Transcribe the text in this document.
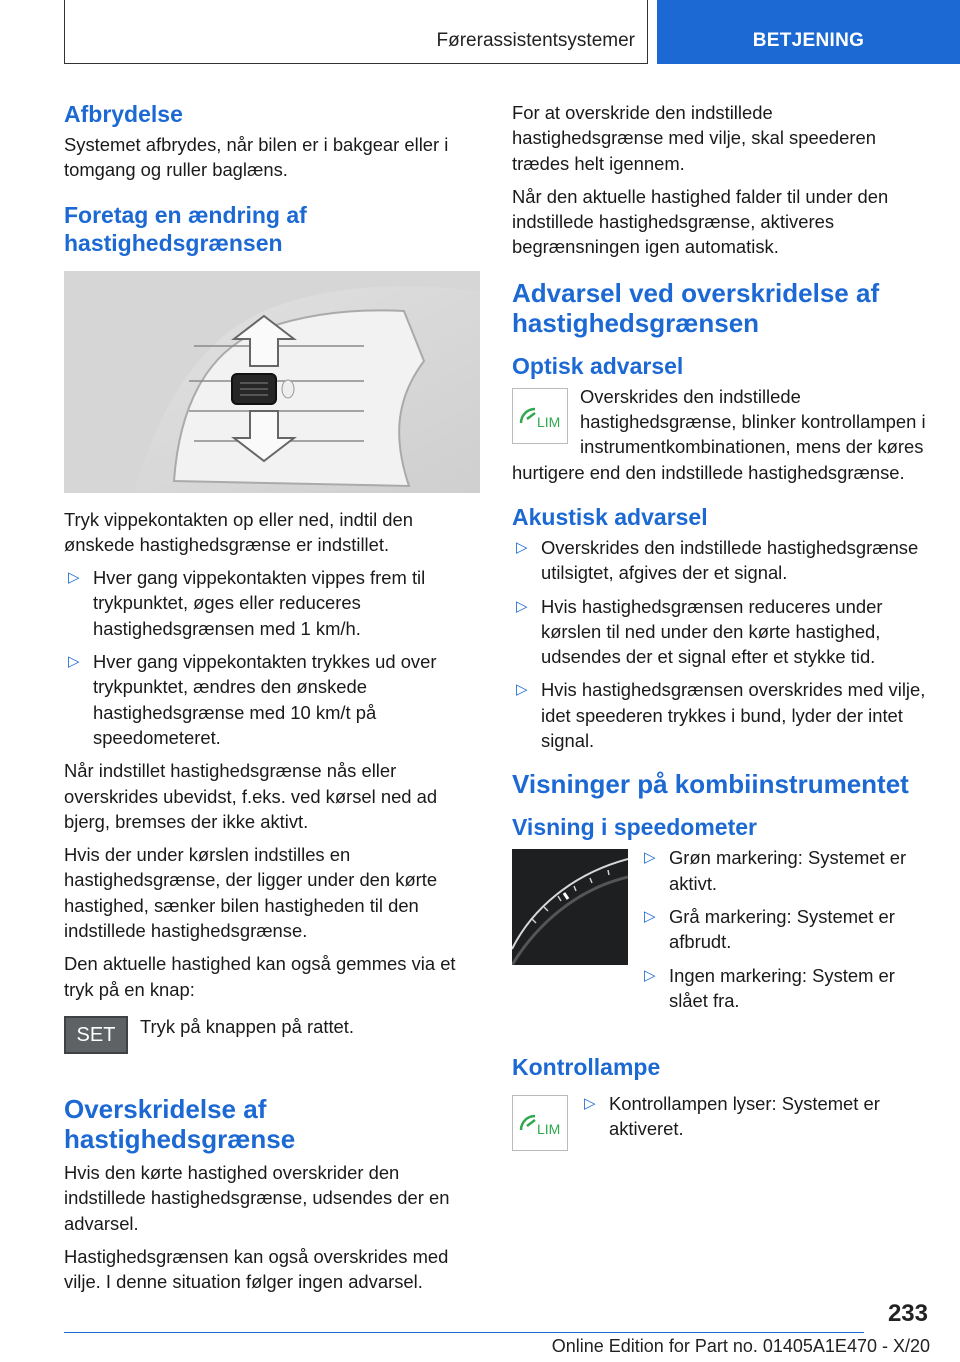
Førerassistentsystemer	BETJENING
Afbrydelse

Systemet afbrydes, når bilen er i bakgear eller i tomgang og ruller baglæns.

Foretag en ændring af hastighedsgrænsen

Tryk vippekontakten op eller ned, indtil den ønskede hastighedsgrænse er indstillet.

▷ Hver gang vippekontakten vippes frem til trykpunktet, øges eller reduceres hastighedsgrænsen med 1 km/h.
▷ Hver gang vippekontakten trykkes ud over trykpunktet, ændres den ønskede hastighedsgrænse med 10 km/t på speedometeret.

Når indstillet hastighedsgrænse nås eller overskrides ubevidst, f.eks. ved kørsel ned ad bjerg, bremses der ikke aktivt.

Hvis der under kørslen indstilles en hastighedsgrænse, der ligger under den kørte hastighed, sænker bilen hastigheden til den indstillede hastighedsgrænse.

Den aktuelle hastighed kan også gemmes via et tryk på en knap:

SET	Tryk på knappen på rattet.

Overskridelse af hastighedsgrænse

Hvis den kørte hastighed overskrider den indstillede hastighedsgrænse, udsendes der en advarsel.

Hastighedsgrænsen kan også overskrides med vilje. I denne situation følger ingen advarsel.

For at overskride den indstillede hastighedsgrænse med vilje, skal speederen trædes helt igennem.

Når den aktuelle hastighed falder til under den indstillede hastighedsgrænse, aktiveres begrænsningen igen automatisk.

Advarsel ved overskridelse af hastighedsgrænsen
Optisk advarsel
LIM

Overskrides den indstillede hastighedsgrænse, blinker kontrollampen i instrumentkombinationen, mens der køres hurtigere end den indstillede hastighedsgrænse.

Akustisk advarsel
▷ Overskrides den indstillede hastighedsgrænse utilsigtet, afgives der et signal.
▷ Hvis hastighedsgrænsen reduceres under kørslen til ned under den kørte hastighed, udsendes der et signal efter et stykke tid.
▷ Hvis hastighedsgrænsen overskrides med vilje, idet speederen trykkes i bund, lyder der intet signal.
Visninger på kombiinstrumentet
Visning i speedometer
▷ Grøn markering: Systemet er aktivt.
▷ Grå markering: Systemet er afbrudt.
▷ Ingen markering: System er slået fra.
Kontrollampe
LIM
▷ Kontrollampen lyser: Systemet er aktiveret.
233
Online Edition for Part no. 01405A1E470 - X/20
